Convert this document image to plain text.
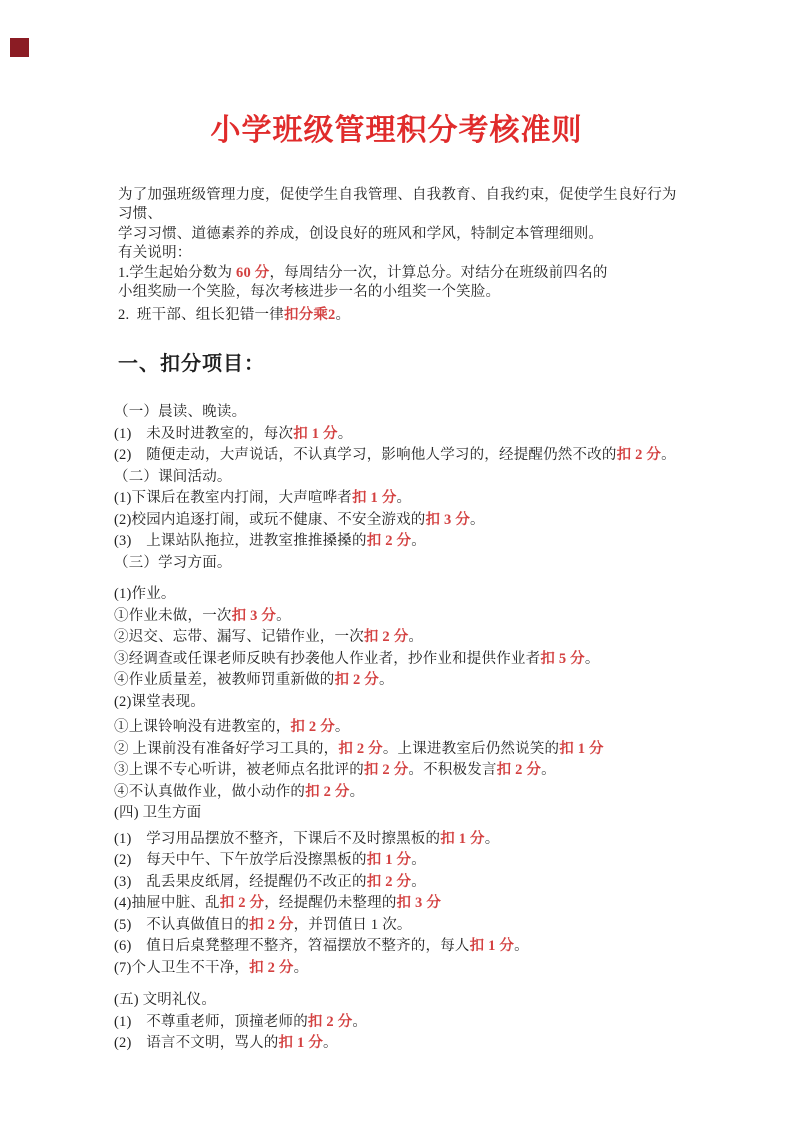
小学班级管理积分考核准则
为了加强班级管理力度，促使学生自我管理、自我教育、自我约束，促使学生良好行为习惯、
学习习惯、道德素养的养成，创设良好的班风和学风，特制定本管理细则。
有关说明：
1.学生起始分数为 60 分，每周结分一次，计算总分。对结分在班级前四名的
小组奖励一个笑脸，每次考核进步一名的小组奖一个笑脸。
2.  班干部、组长犯错一律扣分乘2。
一、扣分项目：
（一）晨读、晚读。
(1)　未及时进教室的，每次扣 1 分。
(2)　随便走动，大声说话，不认真学习，影响他人学习的，经提醒仍然不改的扣 2 分。
（二）课间活动。
(1)下课后在教室内打闹，大声喧哗者扣 1 分。
(2)校园内追逐打闹，或玩不健康、不安全游戏的扣 3 分。
(3)　上课站队拖拉，进教室推推搡搡的扣 2 分。
（三）学习方面。
(1)作业。
①作业未做，一次扣 3 分。
②迟交、忘带、漏写、记错作业，一次扣 2 分。
③经调查或任课老师反映有抄袭他人作业者，抄作业和提供作业者扣 5 分。
④作业质量差，被教师罚重新做的扣 2 分。
(2)课堂表现。
①上课铃响没有进教室的，扣 2 分。
② 上课前没有准备好学习工具的，扣 2 分。上课进教室后仍然说笑的扣 1 分
③上课不专心听讲，被老师点名批评的扣 2 分。不积极发言扣 2 分。
④不认真做作业，做小动作的扣 2 分。
(四) 卫生方面
(1)　学习用品摆放不整齐，下课后不及时擦黑板的扣 1 分。
(2)　每天中午、下午放学后没擦黑板的扣 1 分。
(3)　乱丢果皮纸屑，经提醒仍不改正的扣 2 分。
(4)抽屉中脏、乱扣 2 分，经提醒仍未整理的扣 3 分
(5)　不认真做值日的扣 2 分，并罚值日 1 次。
(6)　值日后桌凳整理不整齐，笤福摆放不整齐的，每人扣 1 分。
(7)个人卫生不干净，扣 2 分。
(五) 文明礼仪。
(1)　不尊重老师，顶撞老师的扣 2 分。
(2)　语言不文明，骂人的扣 1 分。
